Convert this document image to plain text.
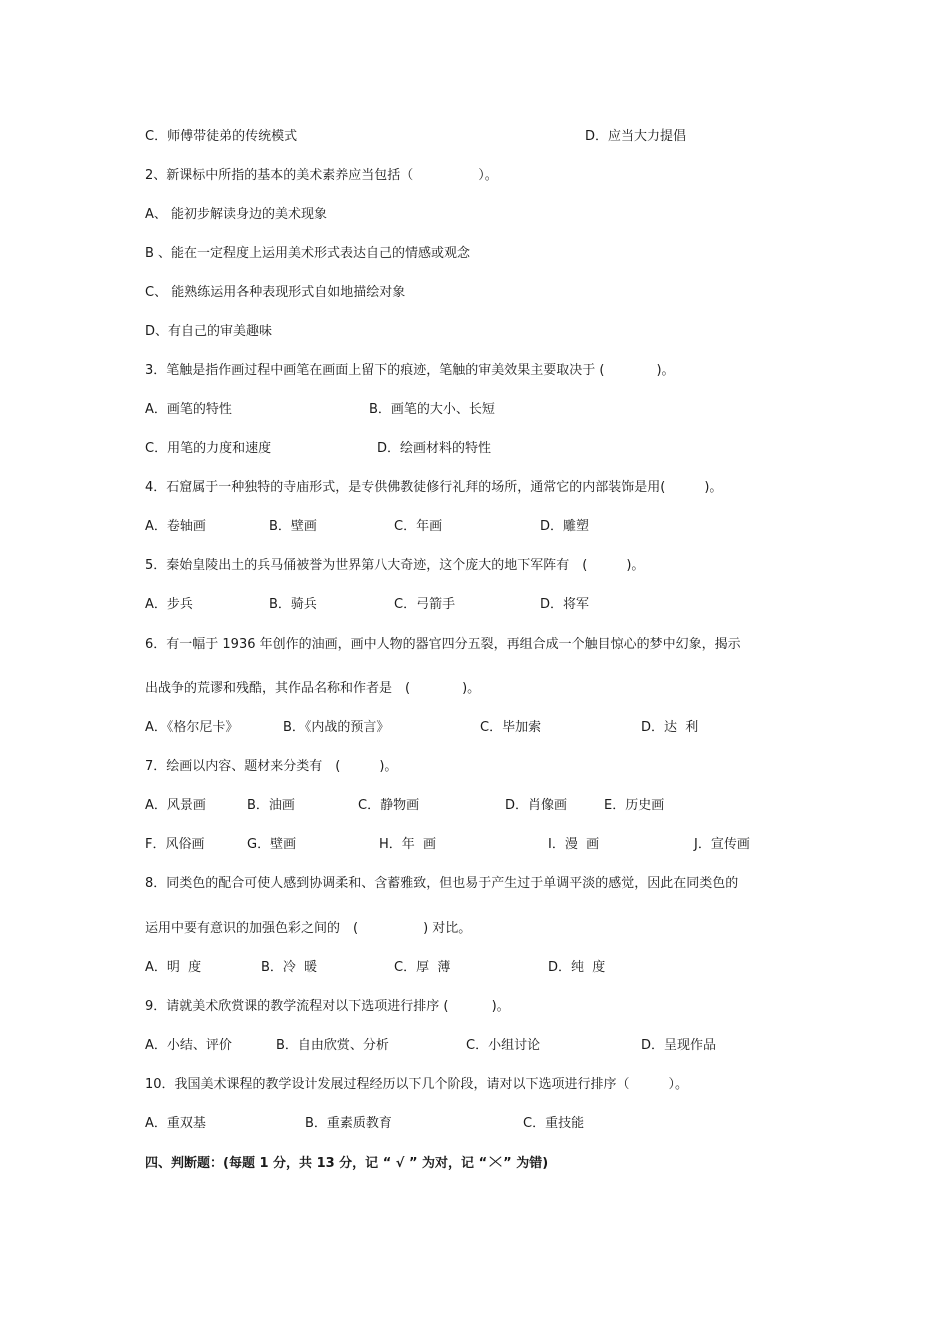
C．师傅带徒弟的传统模式	D．应当大力提倡
2、新课标中所指的基本的美术素养应当包括（　　　　　）。
A、 能初步解读身边的美术现象
B 、能在一定程度上运用美术形式表达自己的情感或观念
C、 能熟练运用各种表现形式自如地描绘对象
D、有自己的审美趣味
3．笔触是指作画过程中画笔在画面上留下的痕迹，笔触的审美效果主要取决于 (　　　　)。
A．画笔的特性	B．画笔的大小、长短
C．用笔的力度和速度	D．绘画材料的特性
4．石窟属于一种独特的寺庙形式，是专供佛教徒修行礼拜的场所，通常它的内部装饰是用(　　　)。
A．卷轴画	B．壁画	C．年画	D．雕塑
5．秦始皇陵出土的兵马俑被誉为世界第八大奇迹，这个庞大的地下军阵有　(　　　)。
A．步兵	B．骑兵	C．弓箭手	D．将军
6．有一幅于 1936 年创作的油画，画中人物的器官四分五裂，再组合成一个触目惊心的梦中幻象，揭示
出战争的荒谬和残酷，其作品名称和作者是　(　　　　)。
A．《格尔尼卡》	B．《内战的预言》	C．毕加索	D．达  利
7．绘画以内容、题材来分类有　(　　　)。
A．风景画	B．油画	C．静物画	D．肖像画	E．历史画
F．风俗画	G．壁画	H．年  画	I．漫  画	J．宣传画
8．同类色的配合可使人感到协调柔和、含蓄雅致，但也易于产生过于单调平淡的感觉，因此在同类色的
运用中要有意识的加强色彩之间的　(　　　　　) 对比。
A．明  度	B．冷  暖	C．厚  薄	D．纯  度
9．请就美术欣赏课的教学流程对以下选项进行排序 (　　　 )。
A．小结、评价	B．自由欣赏、分析	C．小组讨论	D．呈现作品
10．我国美术课程的教学设计发展过程经历以下几个阶段，请对以下选项进行排序（　　　）。
A．重双基	B．重素质教育	C．重技能
四、判断题：(每题 1 分，共 13 分，记 “ √ ” 为对，记 “ ” 为错)
